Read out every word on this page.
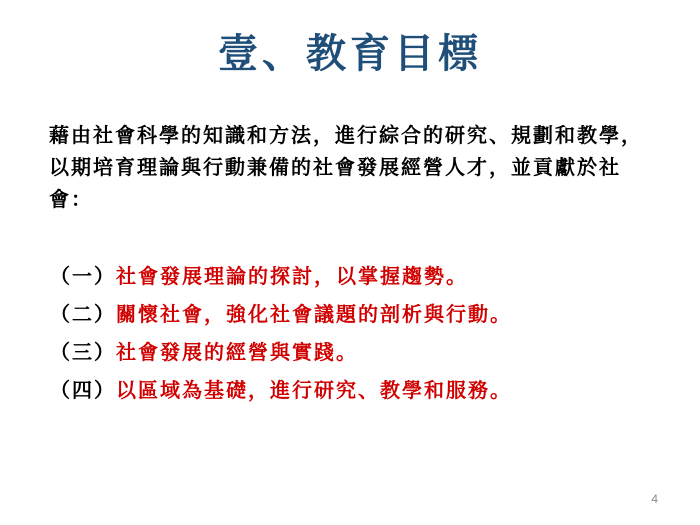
壹、教育目標
藉由社會科學的知識和方法，進行綜合的研究、規劃和教學，以期培育理論與行動兼備的社會發展經營人才，並貢獻於社會：
（一）社會發展理論的探討，以掌握趨勢。
（二）關懷社會，強化社會議題的剖析與行動。
（三）社會發展的經營與實踐。
（四）以區域為基礎，進行研究、教學和服務。
4
